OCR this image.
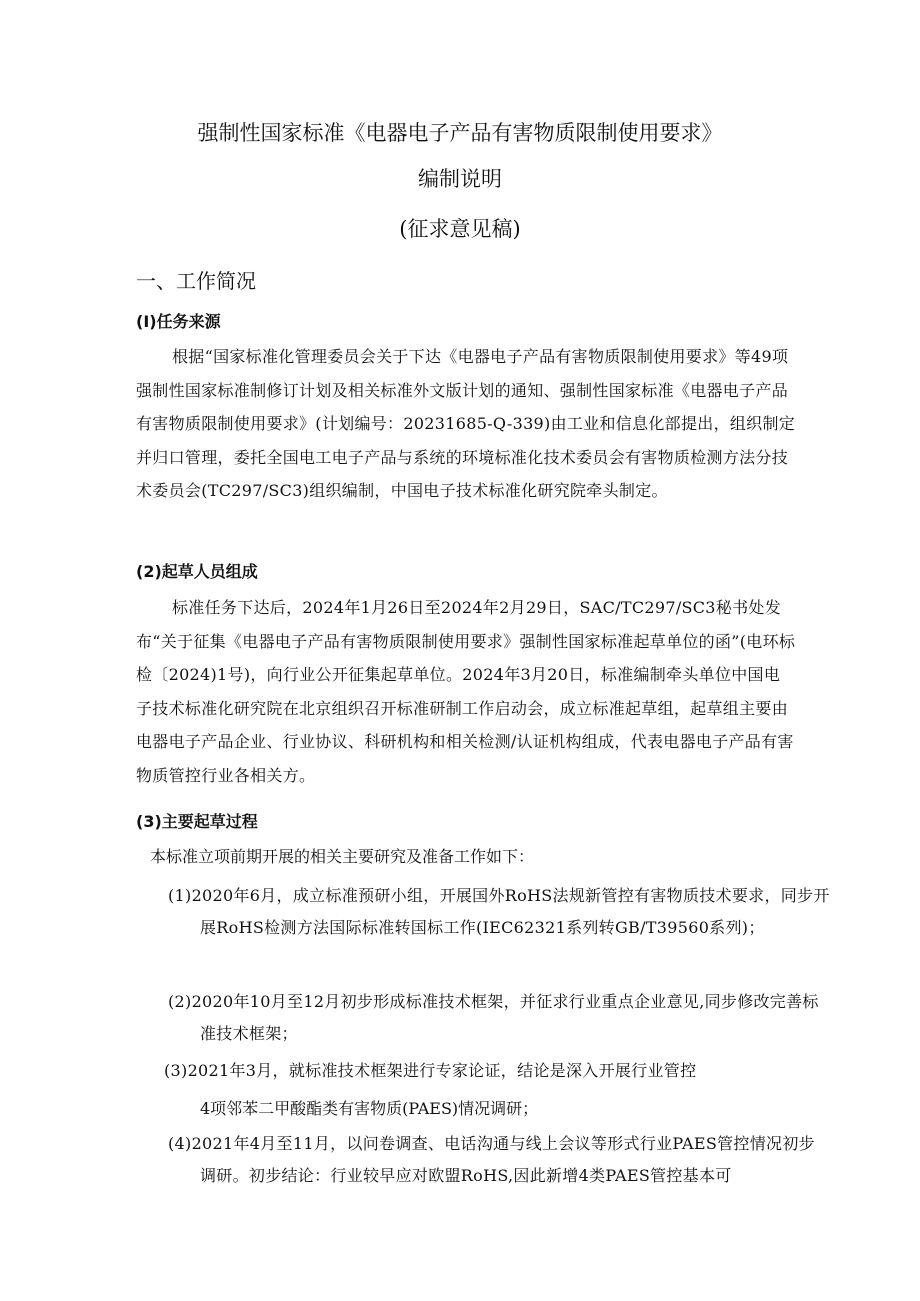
强制性国家标准《电器电子产品有害物质限制使用要求》

编制说明

(征求意见稿)

一、工作简况

(I)任务来源

根据“国家标准化管理委员会关于下达《电器电子产品有害物质限制使用要求》等49项强制性国家标准制修订计划及相关标准外文版计划的通知、强制性国家标准《电器电子产品有害物质限制使用要求》(计划编号：20231685-Q-339)由工业和信息化部提出，组织制定并归口管理，委托全国电工电子产品与系统的环境标准化技术委员会有害物质检测方法分技术委员会(TC297/SC3)组织编制，中国电子技术标准化研究院牵头制定。

(2)起草人员组成

标准任务下达后，2024年1月26日至2024年2月29日，SAC/TC297/SC3秘书处发布“关于征集《电器电子产品有害物质限制使用要求》强制性国家标准起草单位的函”(电环标检〔2024)1号)，向行业公开征集起草单位。2024年3月20日，标准编制牵头单位中国电子技术标准化研究院在北京组织召开标准研制工作启动会，成立标准起草组，起草组主要由电器电子产品企业、行业协议、科研机构和相关检测/认证机构组成，代表电器电子产品有害物质管控行业各相关方。

(3)主要起草过程

本标准立项前期开展的相关主要研究及准备工作如下：

(1)2020年6月，成立标准预研小组，开展国外RoHS法规新管控有害物质技术要求，同步开展RoHS检测方法国际标准转国标工作(IEC62321系列转GB/T39560系列)；

(2)2020年10月至12月初步形成标准技术框架，并征求行业重点企业意见,同步修改完善标准技术框架；

(3)2021年3月，就标准技术框架进行专家论证，结论是深入开展行业管控

4项邻苯二甲酸酯类有害物质(PAES)情况调研；

(4)2021年4月至11月，以问卷调查、电话沟通与线上会议等形式行业PAES管控情况初步调研。初步结论：行业较早应对欧盟RoHS,因此新增4类PAES管控基本可
